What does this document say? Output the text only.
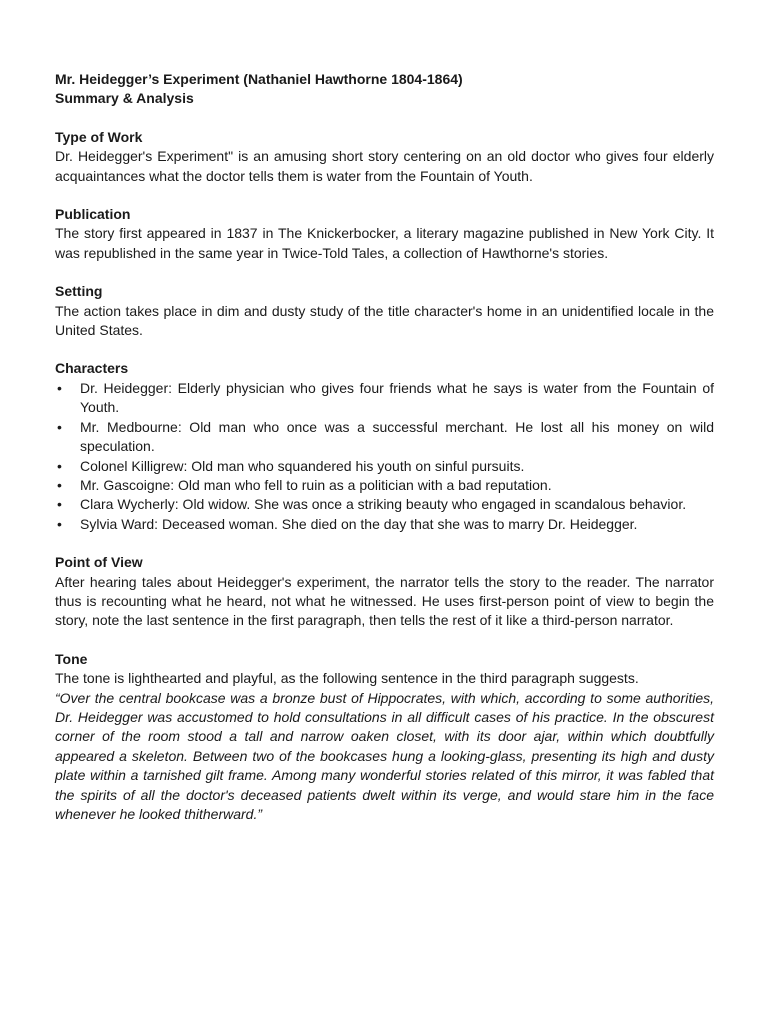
Mr. Heidegger’s Experiment (Nathaniel Hawthorne 1804-1864)

Summary & Analysis

Type of Work

Dr. Heidegger's Experiment" is an amusing short story centering on an old doctor who gives four elderly acquaintances what the doctor tells them is water from the Fountain of Youth.

Publication

The story first appeared in 1837 in The Knickerbocker, a literary magazine published in New York City. It was republished in the same year in Twice-Told Tales, a collection of Hawthorne's stories.

Setting

The action takes place in dim and dusty study of the title character's home in an unidentified locale in the United States.

Characters

• Dr. Heidegger: Elderly physician who gives four friends what he says is water from the Fountain of Youth.
• Mr. Medbourne: Old man who once was a successful merchant. He lost all his money on wild speculation.
• Colonel Killigrew: Old man who squandered his youth on sinful pursuits.
• Mr. Gascoigne: Old man who fell to ruin as a politician with a bad reputation.
• Clara Wycherly: Old widow. She was once a striking beauty who engaged in scandalous behavior.
• Sylvia Ward: Deceased woman. She died on the day that she was to marry Dr. Heidegger.

Point of View

After hearing tales about Heidegger's experiment, the narrator tells the story to the reader. The narrator thus is recounting what he heard, not what he witnessed. He uses first-person point of view to begin the story, note the last sentence in the first paragraph, then tells the rest of it like a third-person narrator.

Tone

The tone is lighthearted and playful, as the following sentence in the third paragraph suggests.

“Over the central bookcase was a bronze bust of Hippocrates, with which, according to some authorities, Dr. Heidegger was accustomed to hold consultations in all difficult cases of his practice. In the obscurest corner of the room stood a tall and narrow oaken closet, with its door ajar, within which doubtfully appeared a skeleton. Between two of the bookcases hung a looking-glass, presenting its high and dusty plate within a tarnished gilt frame. Among many wonderful stories related of this mirror, it was fabled that the spirits of all the doctor's deceased patients dwelt within its verge, and would stare him in the face whenever he looked thitherward.”
